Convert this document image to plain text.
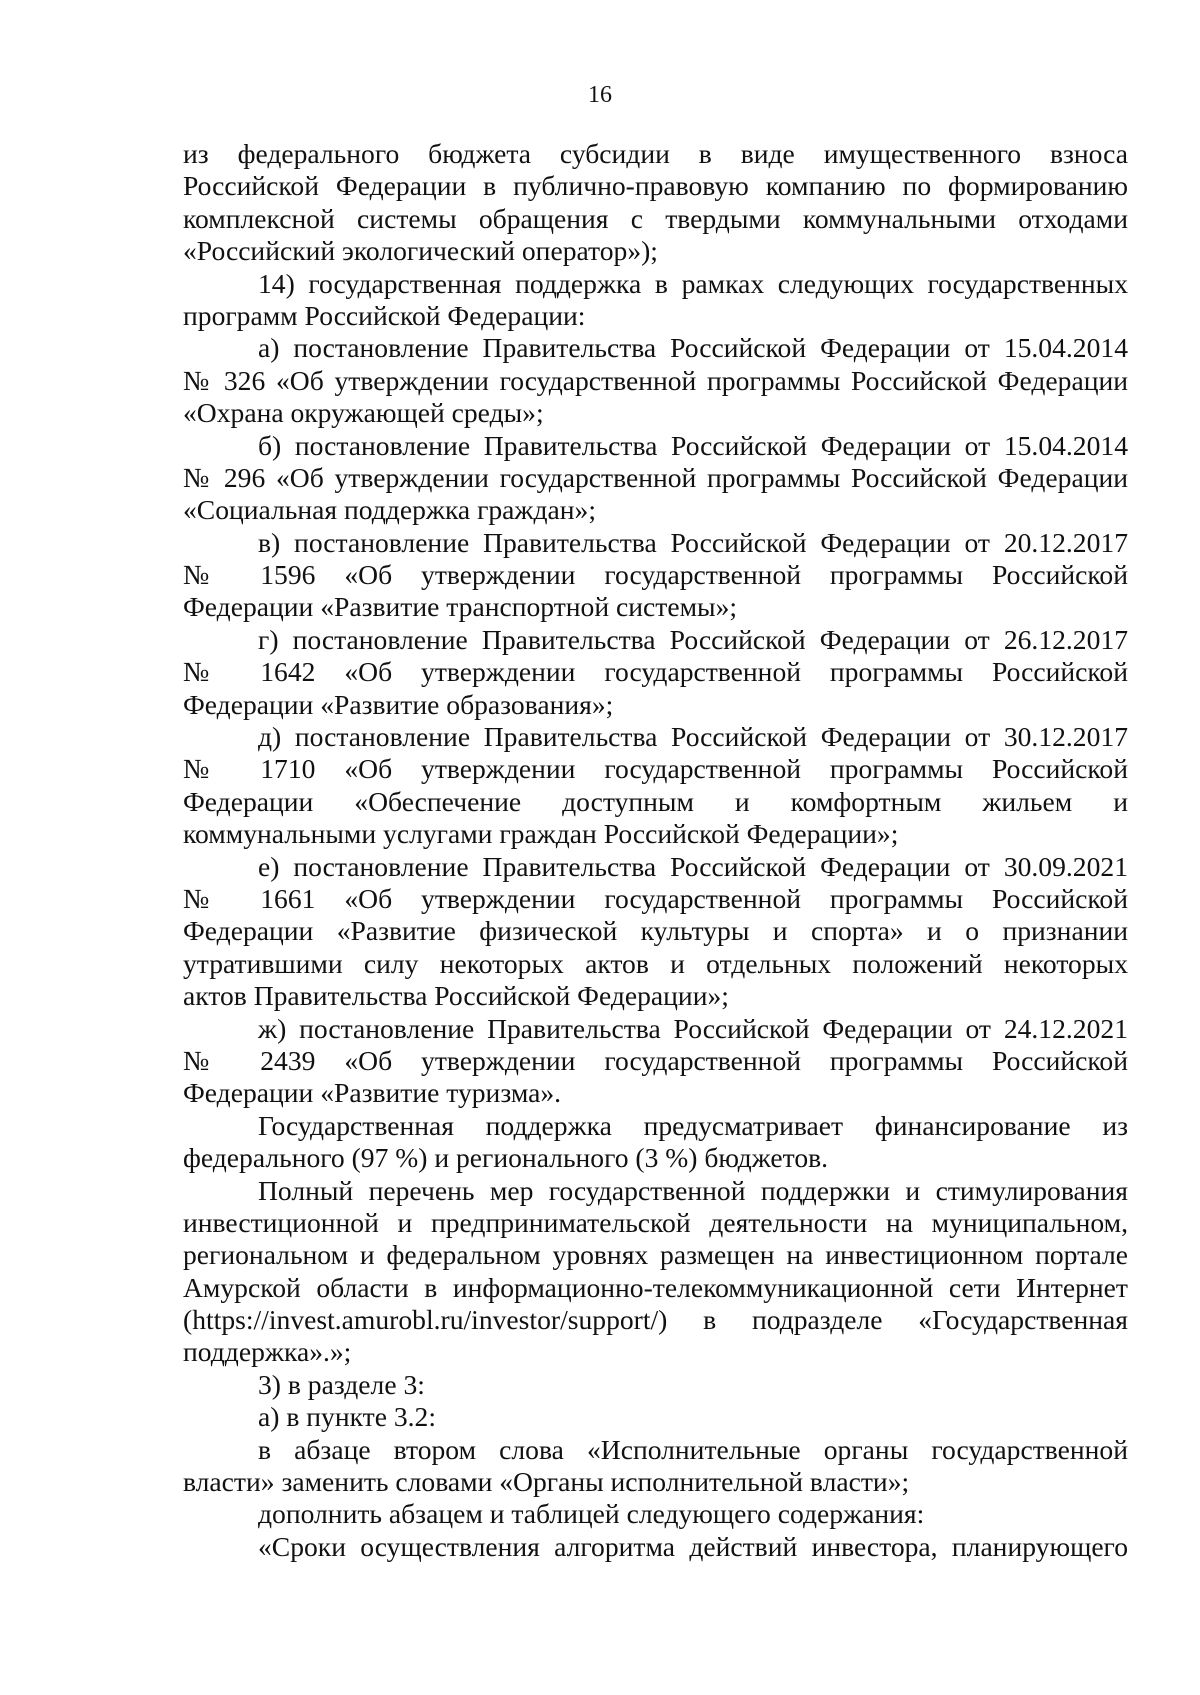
16
из федерального бюджета субсидии в виде имущественного взноса
Российской Федерации в публично-правовую компанию по формированию
комплексной системы обращения с твердыми коммунальными отходами
«Российский экологический оператор»);
14) государственная поддержка в рамках следующих государственных
программ Российской Федерации:
а) постановление Правительства Российской Федерации от 15.04.2014
№ 326 «Об утверждении государственной программы Российской Федерации
«Охрана окружающей среды»;
б) постановление Правительства Российской Федерации от 15.04.2014
№ 296 «Об утверждении государственной программы Российской Федерации
«Социальная поддержка граждан»;
в) постановление Правительства Российской Федерации от 20.12.2017
№ 1596 «Об утверждении государственной программы Российской
Федерации «Развитие транспортной системы»;
г) постановление Правительства Российской Федерации от 26.12.2017
№ 1642 «Об утверждении государственной программы Российской
Федерации «Развитие образования»;
д) постановление Правительства Российской Федерации от 30.12.2017
№ 1710 «Об утверждении государственной программы Российской
Федерации «Обеспечение доступным и комфортным жильем и
коммунальными услугами граждан Российской Федерации»;
е) постановление Правительства Российской Федерации от 30.09.2021
№ 1661 «Об утверждении государственной программы Российской
Федерации «Развитие физической культуры и спорта» и о признании
утратившими силу некоторых актов и отдельных положений некоторых
актов Правительства Российской Федерации»;
ж) постановление Правительства Российской Федерации от 24.12.2021
№ 2439 «Об утверждении государственной программы Российской
Федерации «Развитие туризма».
Государственная поддержка предусматривает финансирование из
федерального (97 %) и регионального (3 %) бюджетов.
Полный перечень мер государственной поддержки и стимулирования
инвестиционной и предпринимательской деятельности на муниципальном,
региональном и федеральном уровнях размещен на инвестиционном портале
Амурской области в информационно-телекоммуникационной сети Интернет
(https://invest.amurobl.ru/investor/support/) в подразделе «Государственная
поддержка».»;
3) в разделе 3:
а) в пункте 3.2:
в абзаце втором слова «Исполнительные органы государственной
власти» заменить словами «Органы исполнительной власти»;
дополнить абзацем и таблицей следующего содержания:
«Сроки осуществления алгоритма действий инвестора, планирующего
